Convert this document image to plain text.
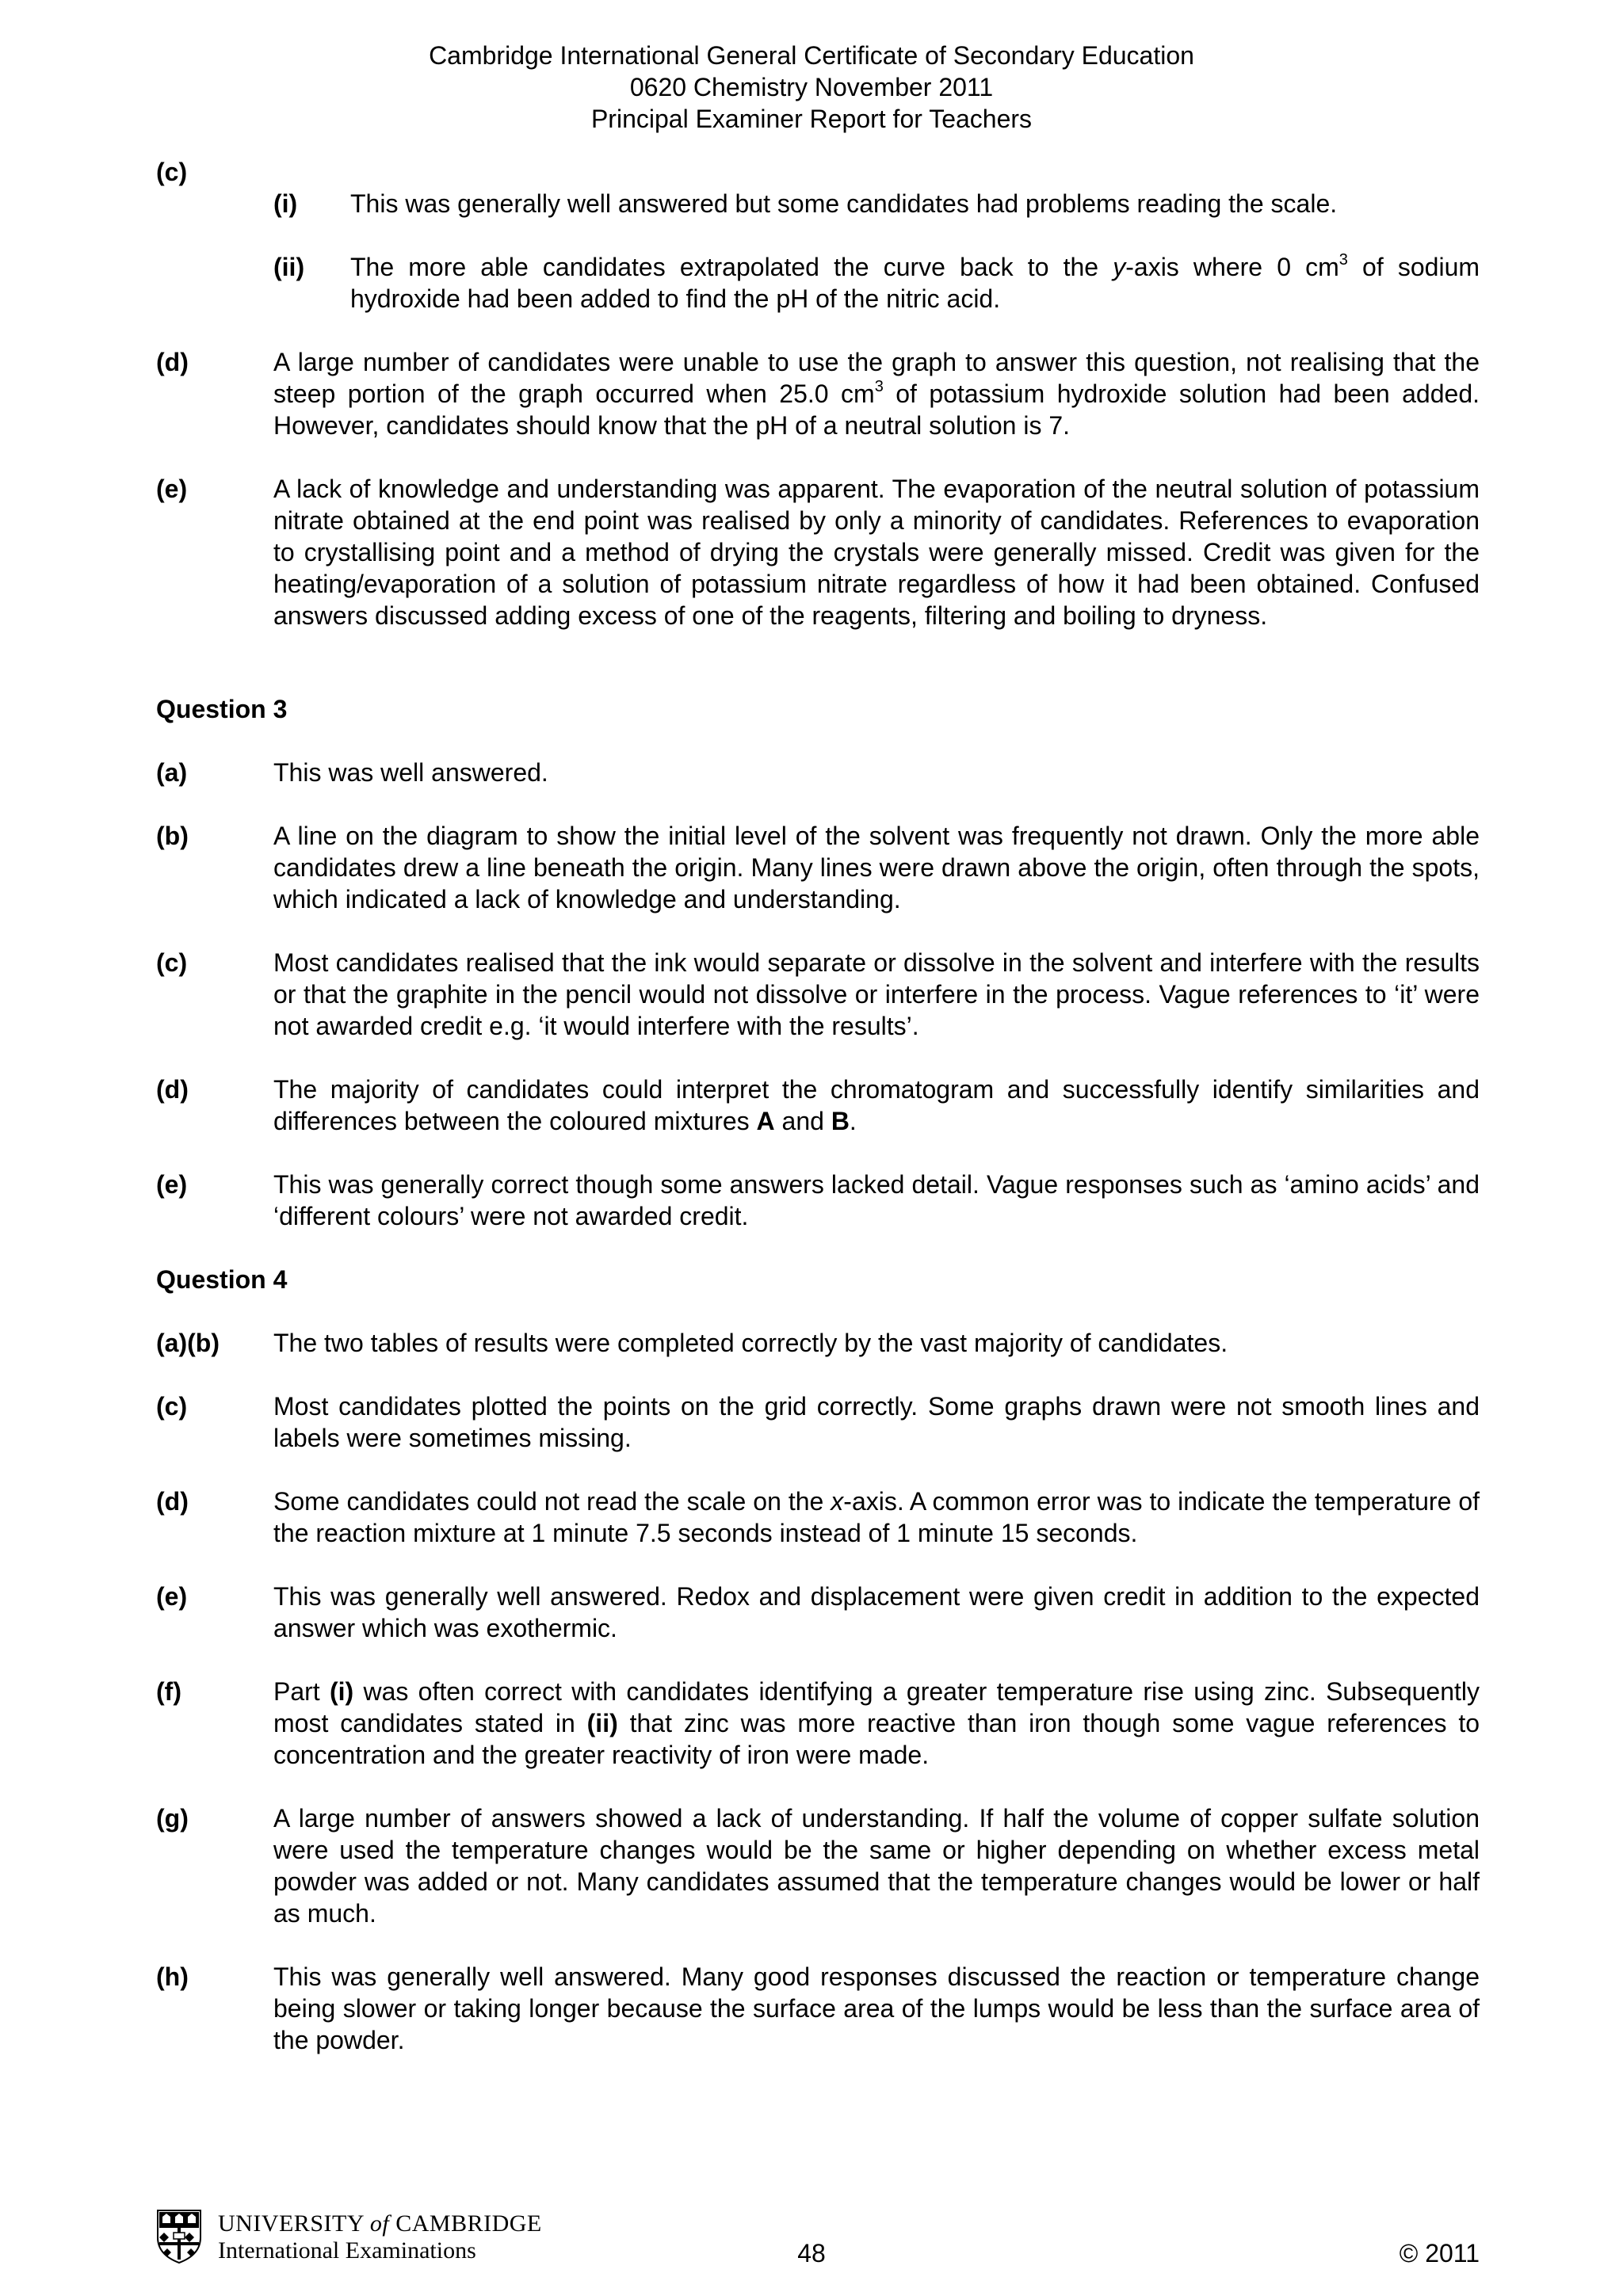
Cambridge International General Certificate of Secondary Education
0620 Chemistry November 2011
Principal Examiner Report for Teachers
(c)
(i) This was generally well answered but some candidates had problems reading the scale.
(ii) The more able candidates extrapolated the curve back to the y-axis where 0 $cm^3$ of sodium hydroxide had been added to find the pH of the nitric acid.
(d)	A large number of candidates were unable to use the graph to answer this question, not realising that the steep portion of the graph occurred when 25.0 $cm^3$ of potassium hydroxide solution had been added. However, candidates should know that the pH of a neutral solution is 7.
(e)	A lack of knowledge and understanding was apparent. The evaporation of the neutral solution of potassium nitrate obtained at the end point was realised by only a minority of candidates. References to evaporation to crystallising point and a method of drying the crystals were generally missed. Credit was given for the heating/evaporation of a solution of potassium nitrate regardless of how it had been obtained. Confused answers discussed adding excess of one of the reagents, filtering and boiling to dryness.
Question 3
(a)	This was well answered.
(b)	A line on the diagram to show the initial level of the solvent was frequently not drawn. Only the more able candidates drew a line beneath the origin. Many lines were drawn above the origin, often through the spots, which indicated a lack of knowledge and understanding.
(c)	Most candidates realised that the ink would separate or dissolve in the solvent and interfere with the results or that the graphite in the pencil would not dissolve or interfere in the process. Vague references to ‘it’ were not awarded credit e.g. ‘it would interfere with the results’.
(d)	The majority of candidates could interpret the chromatogram and successfully identify similarities and differences between the coloured mixtures A and B.
(e)	This was generally correct though some answers lacked detail. Vague responses such as ‘amino acids’ and ‘different colours’ were not awarded credit.
Question 4
(a)(b) The two tables of results were completed correctly by the vast majority of candidates.
(c)	Most candidates plotted the points on the grid correctly. Some graphs drawn were not smooth lines and labels were sometimes missing.
(d)	Some candidates could not read the scale on the x-axis. A common error was to indicate the temperature of the reaction mixture at 1 minute 7.5 seconds instead of 1 minute 15 seconds.
(e)	This was generally well answered. Redox and displacement were given credit in addition to the expected answer which was exothermic.
(f)	Part (i) was often correct with candidates identifying a greater temperature rise using zinc. Subsequently most candidates stated in (ii) that zinc was more reactive than iron though some vague references to concentration and the greater reactivity of iron were made.
(g)	A large number of answers showed a lack of understanding. If half the volume of copper sulfate solution were used the temperature changes would be the same or higher depending on whether excess metal powder was added or not. Many candidates assumed that the temperature changes would be lower or half as much.
(h)	This was generally well answered. Many good responses discussed the reaction or temperature change being slower or taking longer because the surface area of the lumps would be less than the surface area of the powder.
UNIVERSITY of CAMBRIDGE
International Examinations	48	© 2011
